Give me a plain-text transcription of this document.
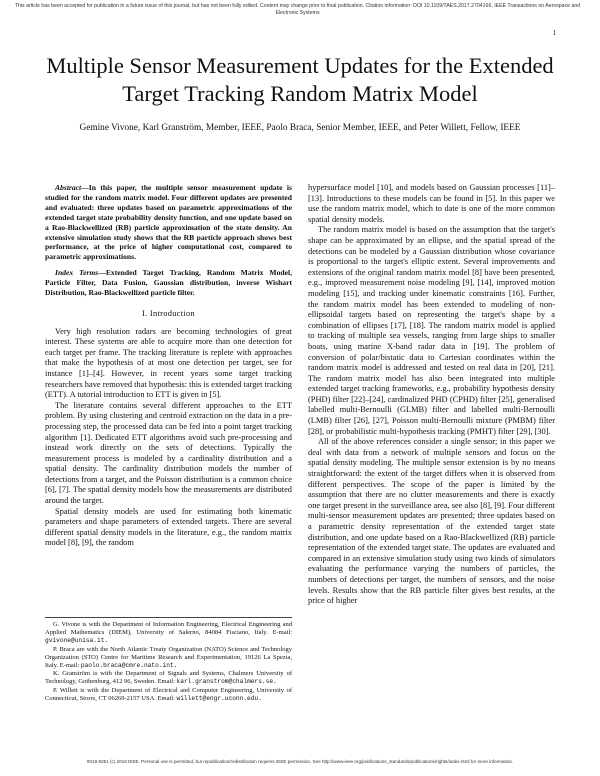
This article has been accepted for publication in a future issue of this journal, but has not been fully edited. Content may change prior to final publication. Citation information: DOI 10.1109/TAES.2017.2704166, IEEE Transactions on Aerospace and Electronic Systems
1
Multiple Sensor Measurement Updates for the Extended Target Tracking Random Matrix Model
Gemine Vivone, Karl Granström, Member, IEEE, Paolo Braca, Senior Member, IEEE, and Peter Willett, Fellow, IEEE
Abstract—In this paper, the multiple sensor measurement update is studied for the random matrix model. Four different updates are presented and evaluated: three updates based on parametric approximations of the extended target state probability density function, and one update based on a Rao-Blackwellized (RB) particle approximation of the state density. An extensive simulation study shows that the RB particle approach shows best performance, at the price of higher computational cost, compared to parametric approximations.
Index Terms—Extended Target Tracking, Random Matrix Model, Particle Filter, Data Fusion, Gaussian distribution, inverse Wishart Distribution, Rao-Blackwellized particle filter.
I. Introduction

Very high resolution radars are becoming technologies of great interest. These systems are able to acquire more than one detection for each target per frame. The tracking literature is replete with approaches that make the hypothesis of at most one detection per target, see for instance [1]–[4]. However, in recent years some target tracking researchers have removed that hypothesis: this is extended target tracking (ETT). A tutorial introduction to ETT is given in [5].

The literature contains several different approaches to the ETT problem. By using clustering and centroid extraction on the data in a pre-processing step, the processed data can be fed into a point target tracking algorithm [1]. Dedicated ETT algorithms avoid such pre-processing and instead work directly on the sets of detections. Typically the measurement process is modeled by a cardinality distribution and a spatial density. The cardinality distribution models the number of detections from a target, and the Poisson distribution is a common choice [6], [7]. The spatial density models how the measurements are distributed around the target.

Spatial density models are used for estimating both kinematic parameters and shape parameters of extended targets. There are several different spatial density models in the literature, e.g., the random matrix model [8], [9], the random

G. Vivone is with the Department of Information Engineering, Electrical Engineering and Applied Mathematics (DIEM), University of Salerno, 84084 Fisciano, Italy. E-mail: gvivone@unisa.it.

P. Braca are with the North Atlantic Treaty Organization (NATO) Science and Technology Organization (STO) Centre for Maritime Research and Experimentation, 19126 La Spezia, Italy. E-mail: paolo.braca@cmre.nato.int.

K. Granström is with the Department of Signals and Systems, Chalmers University of Technology, Gothenburg, 412 96, Sweden. Email: karl.granstrom@chalmers.se.

P. Willett is with the Department of Electrical and Computer Engineering, University of Connecticut, Storrs, CT 06269-2157 USA. Email: willett@engr.uconn.edu.

hypersurface model [10], and models based on Gaussian processes [11]–[13]. Introductions to these models can be found in [5]. In this paper we use the random matrix model, which to date is one of the more common spatial density models.

The random matrix model is based on the assumption that the target's shape can be approximated by an ellipse, and the spatial spread of the detections can be modeled by a Gaussian distribution whose covariance is proportional to the target's elliptic extent. Several improvements and extensions of the original random matrix model [8] have been presented, e.g., improved measurement noise modeling [9], [14], improved motion modeling [15], and tracking under kinematic constraints [16]. Further, the random matrix model has been extended to modeling of non-ellipsoidal targets based on representing the target's shape by a combination of ellipses [17], [18]. The random matrix model is applied to tracking of multiple sea vessels, ranging from large ships to smaller boats, using marine X-band radar data in [19]. The problem of conversion of polar/bistatic data to Cartesian coordinates within the random matrix model is addressed and tested on real data in [20], [21]. The random matrix model has also been integrated into multiple extended target tracking frameworks, e.g., probability hypothesis density (PHD) filter [22]–[24], cardinalized PHD (CPHD) filter [25], generalised labelled multi-Bernoulli (GLMB) filter and labelled multi-Bernoulli (LMB) filter [26], [27], Poisson multi-Bernoulli mixture (PMBM) filter [28], or probabilistic multi-hypothesis tracking (PMHT) filter [29], [30].

All of the above references consider a single sensor; in this paper we deal with data from a network of multiple sensors and focus on the spatial density modeling. The multiple sensor extension is by no means straightforward: the extent of the target differs when it is observed from different perspectives. The scope of the paper is limited by the assumption that there are no clutter measurements and there is exactly one target present in the surveillance area, see also [8], [9]. Four different multi-sensor measurement updates are presented; three updates based on a parametric density representation of the extended target state distribution, and one update based on a Rao-Blackwellized (RB) particle representation of the extended target state. The updates are evaluated and compared in an extensive simulation study using two kinds of simulators evaluating the performance varying the numbers of particles, the numbers of detections per target, the numbers of sensors, and the noise levels. Results show that the RB particle filter gives best results, at the price of higher

0018-9251 (c) 2016 IEEE. Personal use is permitted, but republication/redistribution requires IEEE permission. See http://www.ieee.org/publications_standards/publications/rights/index.html for more information.
